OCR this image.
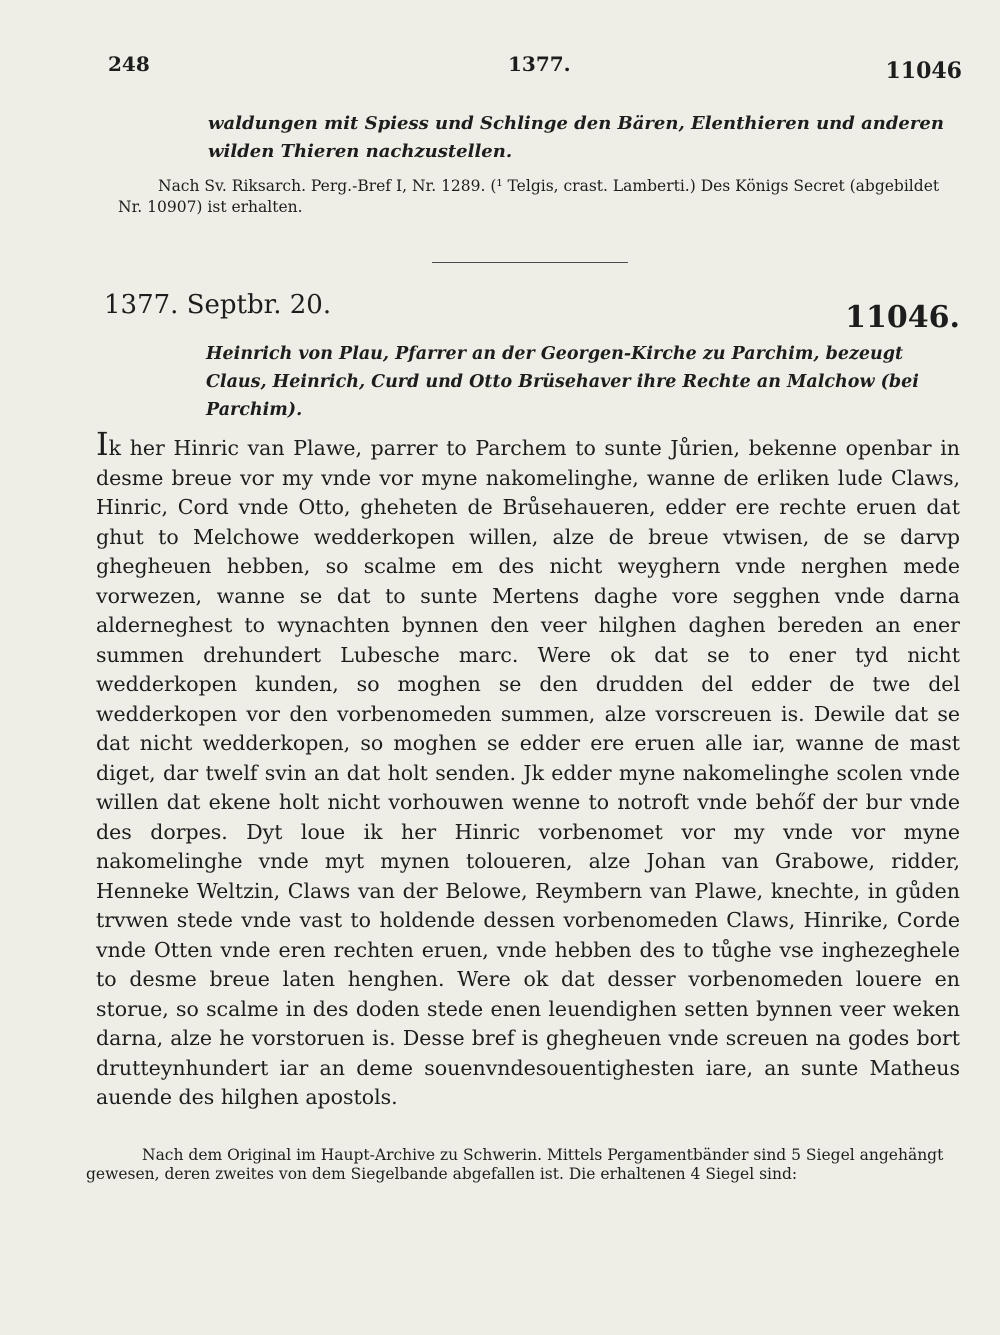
248	1377.	11046
waldungen mit Spiess und Schlinge den Bären, Elenthieren und anderen wilden Thieren nachzustellen.
Nach Sv. Riksarch. Perg.-Bref I, Nr. 1289. (¹ Telgis, crast. Lamberti.) Des Königs Secret (abgebildet Nr. 10907) ist erhalten.
1377. Septbr. 20.	11046.
Heinrich von Plau, Pfarrer an der Georgen-Kirche zu Parchim, bezeugt Claus, Heinrich, Curd und Otto Brüsehaver ihre Rechte an Malchow (bei Parchim).

Ik her Hinric van Plawe, parrer to Parchem to sunte Jůrien, bekenne openbar in desme breue vor my vnde vor myne nakomelinghe, wanne de erliken lude Claws, Hinric, Cord vnde Otto, gheheten de Brůsehaueren, edder ere rechte eruen dat ghut to Melchowe wedderkopen willen, alze de breue vtwisen, de se darvp ghegheuen hebben, so scalme em des nicht weyghern vnde nerghen mede vorwezen, wanne se dat to sunte Mertens daghe vore segghen vnde darna alderneghest to wynachten bynnen den veer hilghen daghen bereden an ener summen drehundert Lubesche marc. Were ok dat se to ener tyd nicht wedderkopen kunden, so moghen se den drudden del edder de twe del wedderkopen vor den vorbenomeden summen, alze vorscreuen is. Dewile dat se dat nicht wedderkopen, so moghen se edder ere eruen alle iar, wanne de mast diget, dar twelf svin an dat holt senden. Jk edder myne nakomelinghe scolen vnde willen dat ekene holt nicht vorhouwen wenne to notroft vnde behőf der bur vnde des dorpes. Dyt loue ik her Hinric vorbenomet vor my vnde vor myne nakomelinghe vnde myt mynen toloueren, alze Johan van Grabowe, ridder, Henneke Weltzin, Claws van der Belowe, Reymbern van Plawe, knechte, in gůden trvwen stede vnde vast to holdende dessen vorbenomeden Claws, Hinrike, Corde vnde Otten vnde eren rechten eruen, vnde hebben des to tůghe vse inghezeghele to desme breue laten henghen. Were ok dat desser vorbenomeden louere en storue, so scalme in des doden stede enen leuendighen setten bynnen veer weken darna, alze he vorstoruen is. Desse bref is ghegheuen vnde screuen na godes bort drutteynhundert iar an deme souenvndesouentighesten iare, an sunte Matheus auende des hilghen apostols.

Nach dem Original im Haupt-Archive zu Schwerin. Mittels Pergamentbänder sind 5 Siegel angehängt gewesen, deren zweites von dem Siegelbande abgefallen ist. Die erhaltenen 4 Siegel sind:
